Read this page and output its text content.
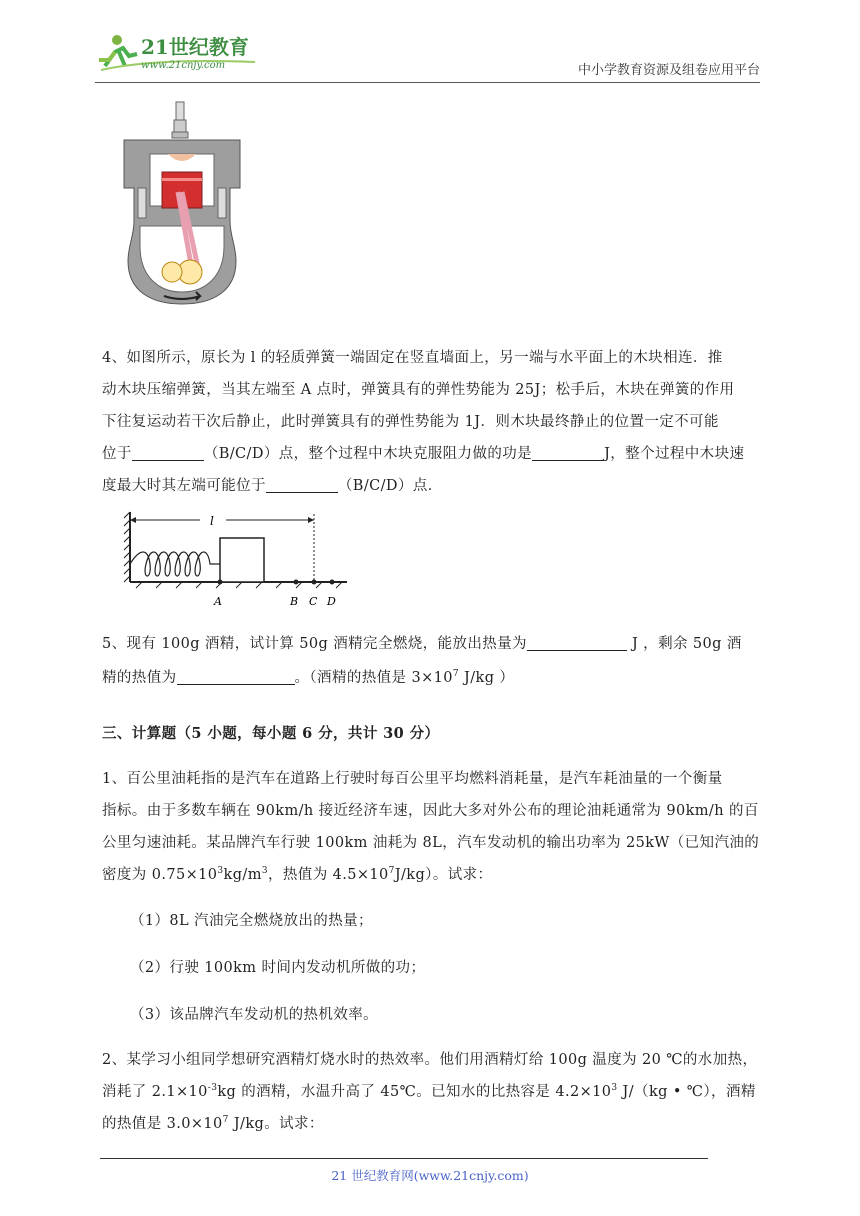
21世纪教育
www.21cnjy.com	中小学教育资源及组卷应用平台
4、如图所示，原长为 l 的轻质弹簧一端固定在竖直墙面上，另一端与水平面上的木块相连．推
动木块压缩弹簧，当其左端至 A 点时，弹簧具有的弹性势能为 25J；松手后，木块在弹簧的作用
下往复运动若干次后静止，此时弹簧具有的弹性势能为 1J．则木块最终静止的位置一定不可能
位于	（B/C/D）点，整个过程中木块克服阻力做的功是	J，整个过程中木块速
度最大时其左端可能位于	（B/C/D）点．
l
A	B C D
5、现有 100g 酒精，试计算 50g 酒精完全燃烧，能放出热量为	J ，剩余 50g 酒
精的热值为	。（酒精的热值是 $3\times 10^7$ J/kg ）
三、计算题（5 小题，每小题 6 分，共计 30 分）
1、百公里油耗指的是汽车在道路上行驶时每百公里平均燃料消耗量，是汽车耗油量的一个衡量
指标。由于多数车辆在 90km/h 接近经济车速，因此大多对外公布的理论油耗通常为 90km/h 的百
公里匀速油耗。某品牌汽车行驶 100km 油耗为 8L，汽车发动机的输出功率为 25kW（已知汽油的
密度为 $0.75\times 10^3kg/m^3$，热值为 $4.5\times 10^7J/kg$）。试求：
（1）8L 汽油完全燃烧放出的热量；
（2）行驶 100km 时间内发动机所做的功；
（3）该品牌汽车发动机的热机效率。
2、某学习小组同学想研究酒精灯烧水时的热效率。他们用酒精灯给 100g 温度为 20 ℃的水加热，
消耗了 $2.1\times 10^{-3}kg$ 的酒精，水温升高了 45℃。已知水的比热容是 $4.2\times 10^3$ J/（kg • ℃），酒精
的热值是 $3.0\times 10^7$ J/kg。试求：
21 世纪教育网(www.21cnjy.com)
